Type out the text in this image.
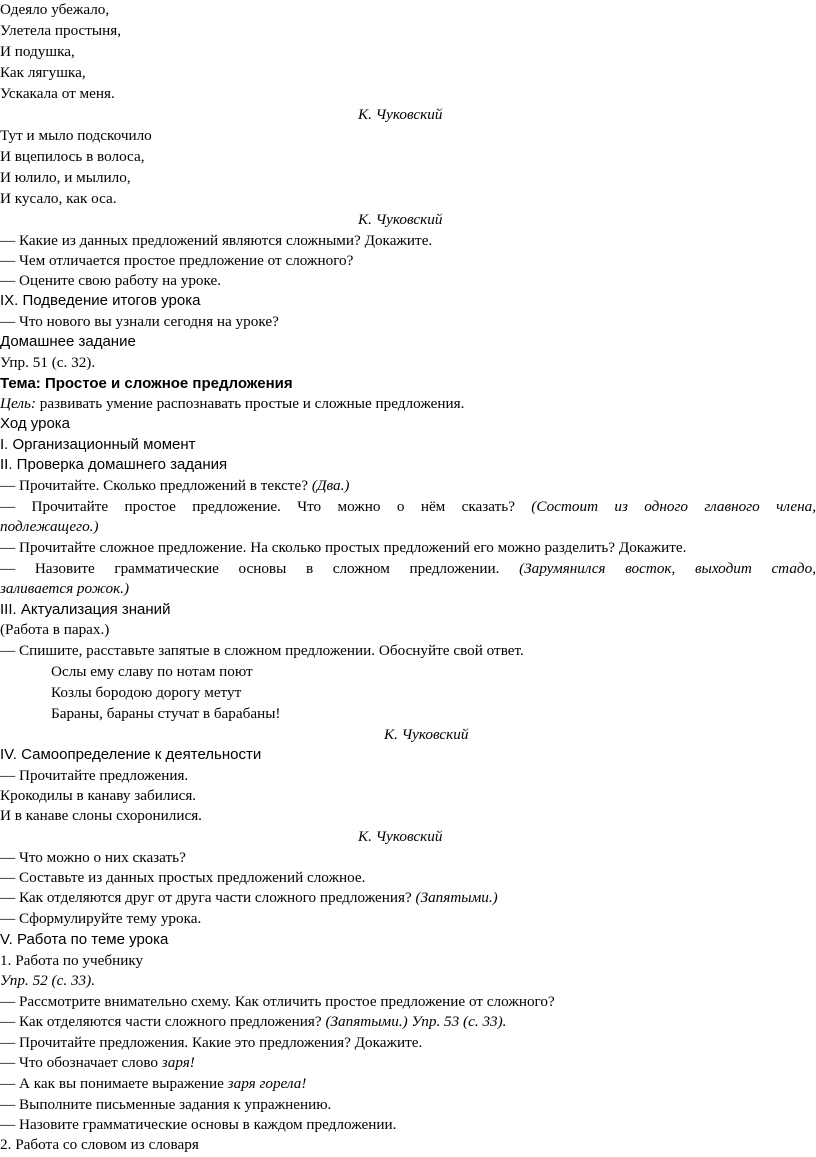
Одеяло убежало,
Улетела простыня,
И подушка,
Как лягушка,
Ускакала от меня.
К. Чуковский
Тут и мыло подскочило
И вцепилось в волоса,
И юлило, и мылило,
И кусало, как оса.
К. Чуковский
— Какие из данных предложений являются сложными? Докажите.
— Чем отличается простое предложение от сложного?
— Оцените свою работу на уроке.
IX. Подведение итогов урока
— Что нового вы узнали сегодня на уроке?
Домашнее задание
Упр. 51 (с. 32).
Тема: Простое и сложное предложения
Цель: развивать умение распознавать простые и сложные предложения.
Ход урока
I. Организационный момент
II. Проверка домашнего задания
— Прочитайте. Сколько предложений в тексте? (Два.)
— Прочитайте простое предложение. Что можно о нём сказать? (Состоит из одного главного члена,
подлежащего.)
— Прочитайте сложное предложение. На сколько простых предложений его можно разделить? Докажите.
— Назовите грамматические основы в сложном предложении. (Зарумянился восток, выходит стадо,
заливается рожок.)
III. Актуализация знаний
(Работа в парах.)
— Спишите, расставьте запятые в сложном предложении. Обоснуйте свой ответ.
Ослы ему славу по нотам поют
Козлы бородою дорогу метут
Бараны, бараны стучат в барабаны!
К. Чуковский
IV. Самоопределение к деятельности
— Прочитайте предложения.
Крокодилы в канаву забилися.
И в канаве слоны схоронилися.
К. Чуковский
— Что можно о них сказать?
— Составьте из данных простых предложений сложное.
— Как отделяются друг от друга части сложного предложения? (Запятыми.)
— Сформулируйте тему урока.
V. Работа по теме урока
1. Работа по учебнику
Упр. 52 (с. 33).
— Рассмотрите внимательно схему. Как отличить простое предложение от сложного?
— Как отделяются части сложного предложения? (Запятыми.) Упр. 53 (с. 33).
— Прочитайте предложения. Какие это предложения? Докажите.
— Что обозначает слово заря!
— А как вы понимаете выражение заря горела!
— Выполните письменные задания к упражнению.
— Назовите грамматические основы в каждом предложении.
2. Работа со словом из словаря
